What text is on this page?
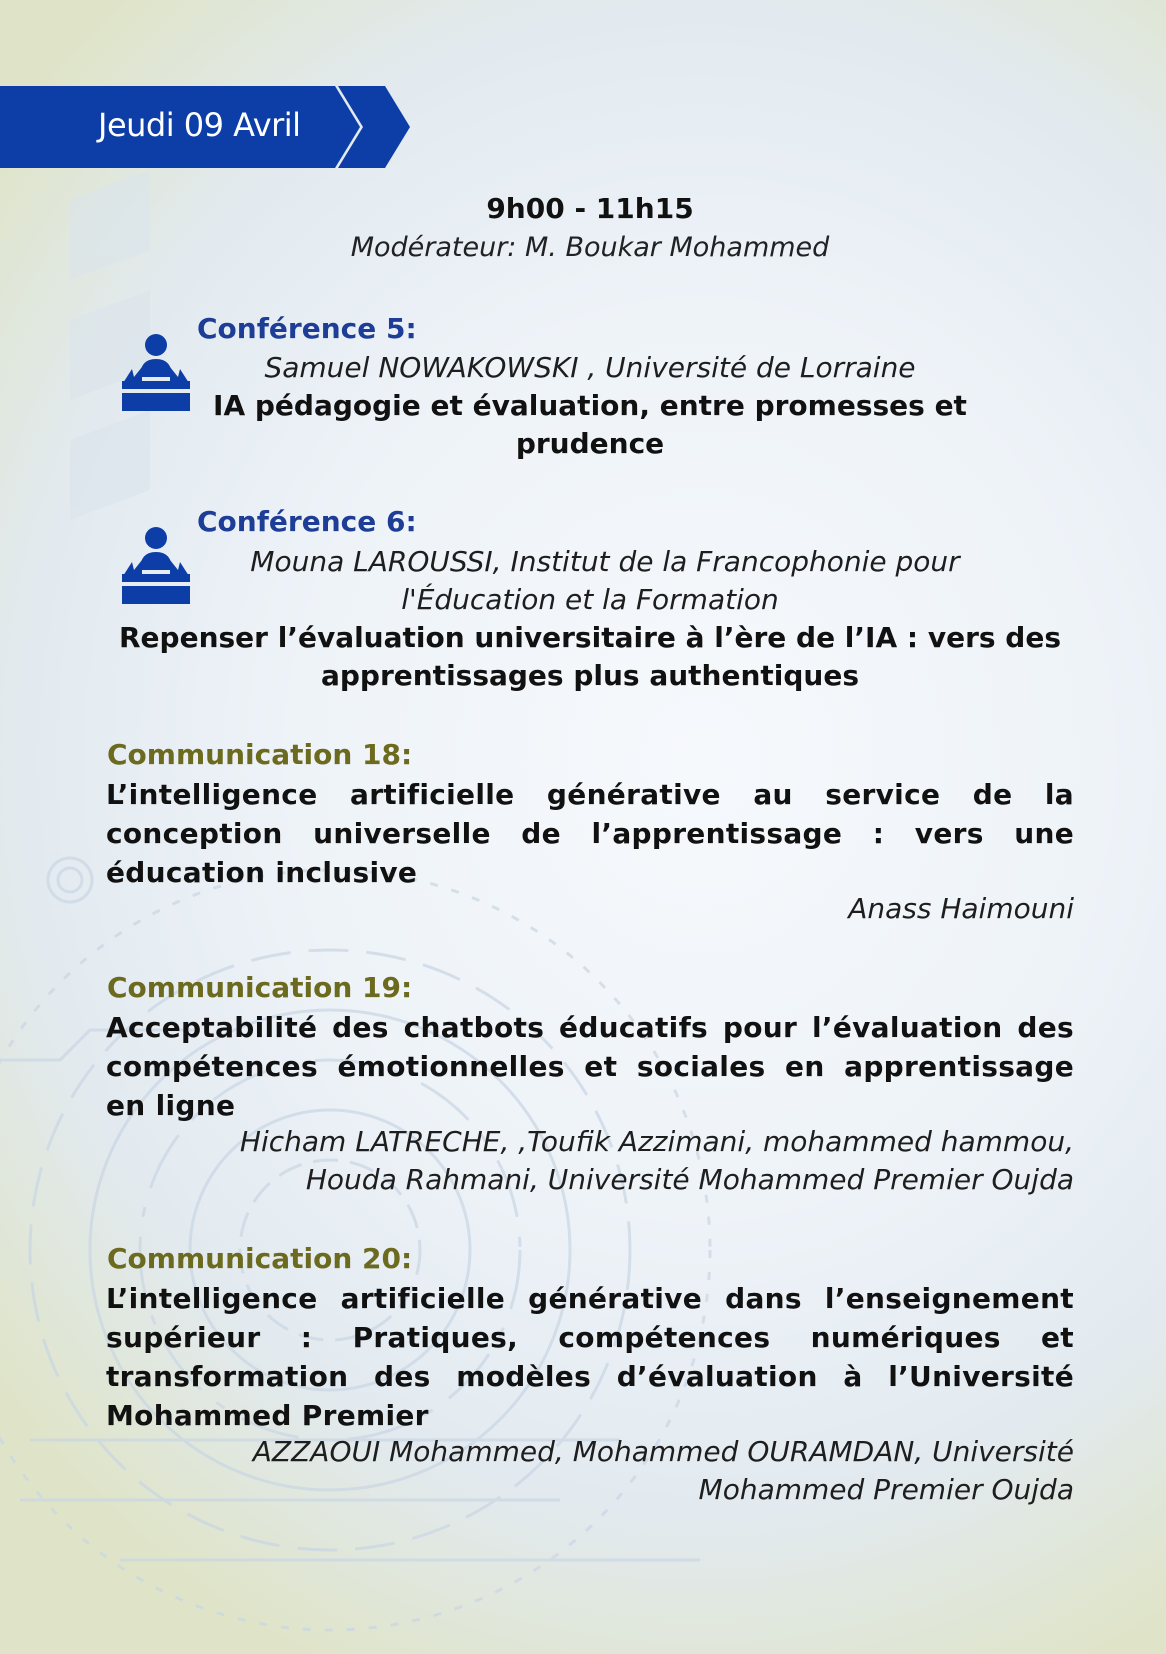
Jeudi 09 Avril
9h00 - 11h15
Modérateur: M. Boukar Mohammed
Conférence 5:
Samuel NOWAKOWSKI , Université de Lorraine
IA pédagogie et évaluation, entre promesses et
prudence
Conférence 6:
Mouna LAROUSSI, Institut de la Francophonie pour
l'Éducation et la Formation
Repenser l’évaluation universitaire à l’ère de l’IA : vers des
apprentissages plus authentiques
Communication 18:
L’intelligence artificielle générative au service de la conception universelle de l’apprentissage : vers une éducation inclusive
Anass Haimouni
Communication 19:
Acceptabilité des chatbots éducatifs pour l’évaluation des compétences émotionnelles et sociales en apprentissage en ligne
Hicham LATRECHE, ,Toufik Azzimani, mohammed hammou,
Houda Rahmani, Université Mohammed Premier Oujda
Communication 20:
L’intelligence artificielle générative dans l’enseignement supérieur : Pratiques, compétences numériques et transformation des modèles d’évaluation à l’Université Mohammed Premier
AZZAOUI Mohammed, Mohammed OURAMDAN, Université
Mohammed Premier Oujda
